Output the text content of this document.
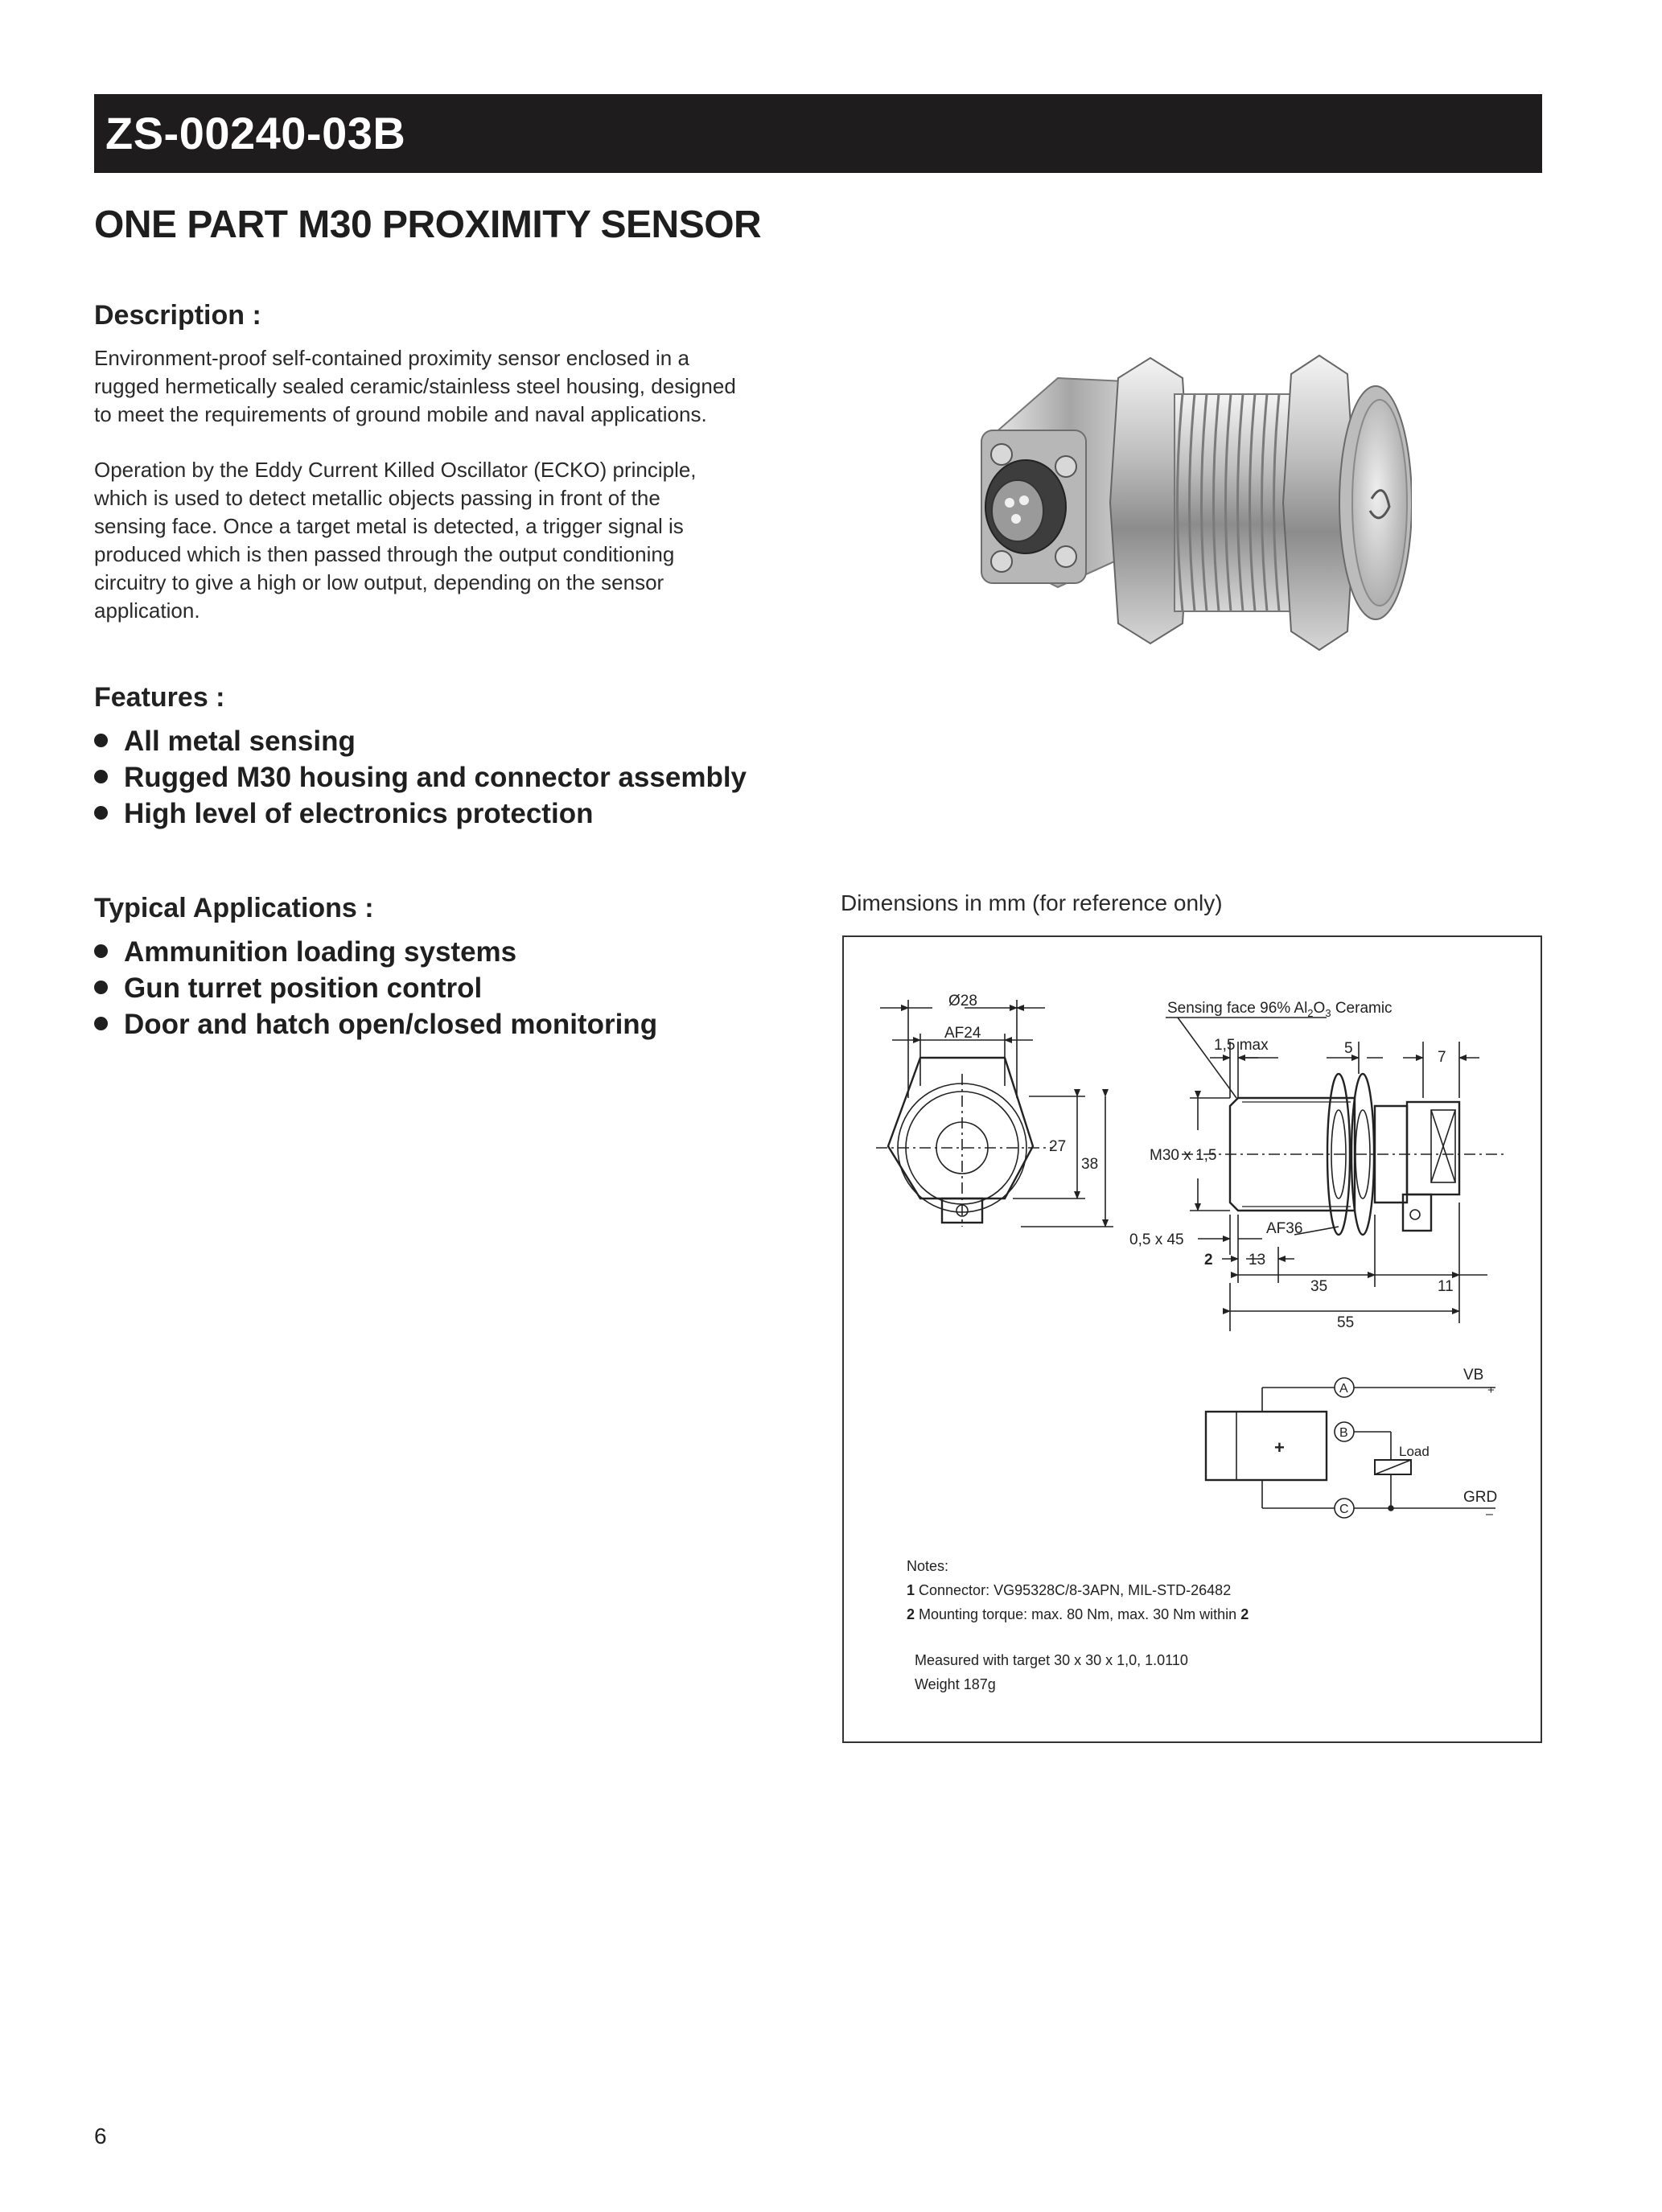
ZS-00240-03B
ONE PART M30 PROXIMITY SENSOR
Description :

Environment-proof self-contained proximity sensor enclosed in a
rugged hermetically sealed ceramic/stainless steel housing, designed
to meet the requirements of ground mobile and naval applications.

Operation by the Eddy Current Killed Oscillator (ECKO) principle,
which is used to detect metallic objects passing in front of the
sensing face. Once a target metal is detected, a trigger signal is
produced which is then passed through the output conditioning
circuitry to give a high or low output, depending on the sensor
application.

Features :
All metal sensing
Rugged M30 housing and connector assembly
High level of electronics protection
Typical Applications :
Ammunition loading systems
Gun turret position control
Door and hatch open/closed monitoring

Dimensions in mm (for reference only)

Ø28
AF24
27
38
Sensing face 96% $Al_2O_3$ Ceramic
1,5 max	5
7
M30 x 1,5
AF36
0,5 x 45
2 13
35	11
55
VB
+
GRD
–
A
B
C
Load
+
Notes:
1 Connector: VG95328C/8-3APN, MIL-STD-26482
2 Mounting torque: max. 80 Nm, max. 30 Nm within 2
Measured with target 30 x 30 x 1,0, 1.0110
Weight 187g
6
